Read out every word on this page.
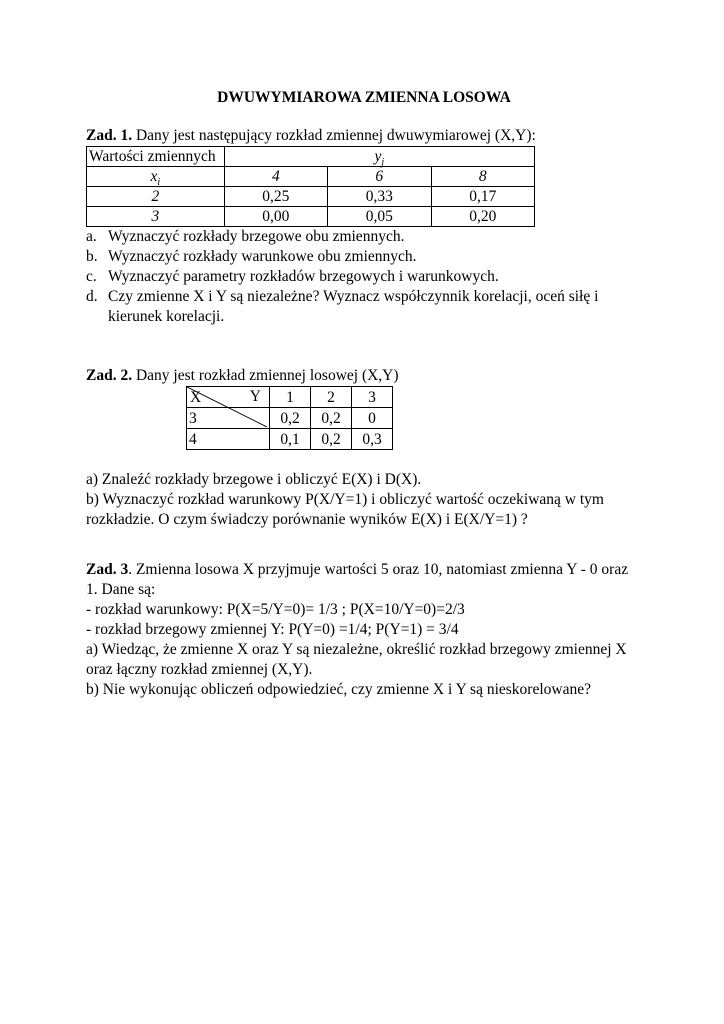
DWUWYMIAROWA ZMIENNA LOSOWA

Zad. 1. Dany jest następujący rozkład zmiennej dwuwymiarowej (X,Y):

Wartości zmiennych	$y_j$
$x_i$	4	6	8
2	0,25	0,33	0,17
3	0,00	0,05	0,20
a. Wyznaczyć rozkłady brzegowe obu zmiennych.
b. Wyznaczyć rozkłady warunkowe obu zmiennych.
c. Wyznaczyć parametry rozkładów brzegowych i warunkowych.
d. Czy zmienne X i Y są niezależne? Wyznacz współczynnik korelacji, oceń siłę i kierunek korelacji.

Zad. 2. Dany jest rozkład zmiennej losowej (X,Y)

Y
X	1	2	3
3	0,2	0,2	0
4	0,1	0,2	0,3

a) Znaleźć rozkłady brzegowe i obliczyć E(X) i D(X).

b) Wyznaczyć rozkład warunkowy P(X/Y=1) i obliczyć wartość oczekiwaną w tym rozkładzie. O czym świadczy porównanie wyników E(X) i E(X/Y=1) ?

Zad. 3. Zmienna losowa X przyjmuje wartości 5 oraz 10, natomiast zmienna Y - 0 oraz 1. Dane są:

- rozkład warunkowy: P(X=5/Y=0)= 1/3 ; P(X=10/Y=0)=2/3

- rozkład brzegowy zmiennej Y: P(Y=0) =1/4; P(Y=1) = 3/4

a) Wiedząc, że zmienne X oraz Y są niezależne, określić rozkład brzegowy zmiennej X oraz łączny rozkład zmiennej (X,Y).

b) Nie wykonując obliczeń odpowiedzieć, czy zmienne X i Y są nieskorelowane?
